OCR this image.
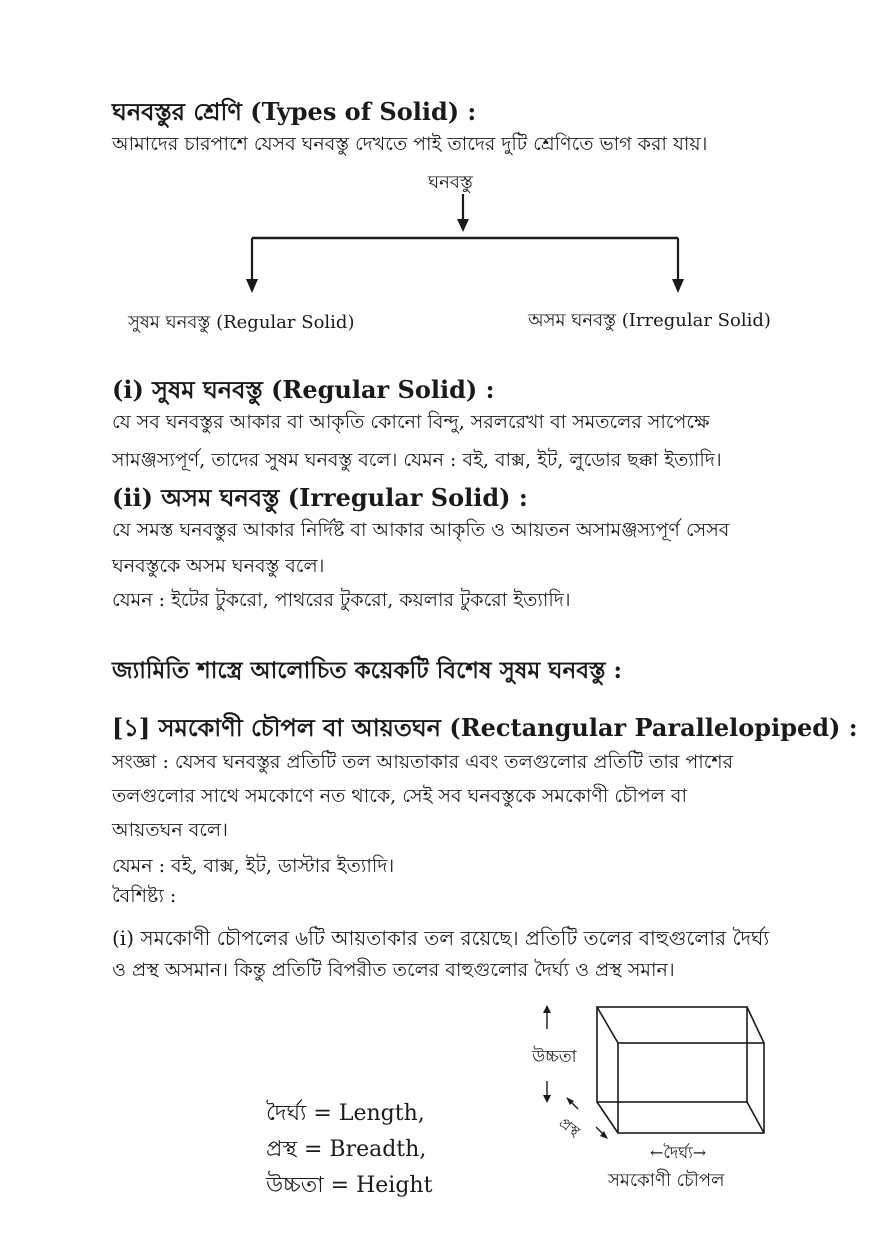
ঘনবস্তুর শ্রেণি (Types of Solid) :
আমাদের চারপাশে যেসব ঘনবস্তু দেখতে পাই তাদের দুটি শ্রেণিতে ভাগ করা যায়।
ঘনবস্তু
সুষম ঘনবস্তু (Regular Solid)	অসম ঘনবস্তু (Irregular Solid)
(i) সুষম ঘনবস্তু (Regular Solid) :
যে সব ঘনবস্তুর আকার বা আকৃতি কোনো বিন্দু, সরলরেখা বা সমতলের সাপেক্ষে
সামঞ্জস্যপূর্ণ, তাদের সুষম ঘনবস্তু বলে। যেমন : বই, বাক্স, ইট, লুডোর ছক্কা ইত্যাদি।
(ii) অসম ঘনবস্তু (Irregular Solid) :
যে সমস্ত ঘনবস্তুর আকার নির্দিষ্ট বা আকার আকৃতি ও আয়তন অসামঞ্জস্যপূর্ণ সেসব
ঘনবস্তুকে অসম ঘনবস্তু বলে।
যেমন : ইটের টুকরো, পাথরের টুকরো, কয়লার টুকরো ইত্যাদি।
জ্যামিতি শাস্ত্রে আলোচিত কয়েকটি বিশেষ সুষম ঘনবস্তু :
[১] সমকোণী চৌপল বা আয়তঘন (Rectangular Parallelopiped) :
সংজ্ঞা : যেসব ঘনবস্তুর প্রতিটি তল আয়তাকার এবং তলগুলোর প্রতিটি তার পাশের
তলগুলোর সাথে সমকোণে নত থাকে, সেই সব ঘনবস্তুকে সমকোণী চৌপল বা
আয়তঘন বলে।
যেমন : বই, বাক্স, ইট, ডাস্টার ইত্যাদি।
বৈশিষ্ট্য :
(i) সমকোণী চৌপলের ৬টি আয়তাকার তল রয়েছে। প্রতিটি তলের বাহুগুলোর দৈর্ঘ্য
ও প্রস্থ অসমান। কিন্তু প্রতিটি বিপরীত তলের বাহুগুলোর দৈর্ঘ্য ও প্রস্থ সমান।
দৈর্ঘ্য = Length,
প্রস্থ = Breadth,
উচ্চতা = Height
উচ্চতা
প্রস্থ
←দৈর্ঘ্য→
সমকোণী চৌপল
